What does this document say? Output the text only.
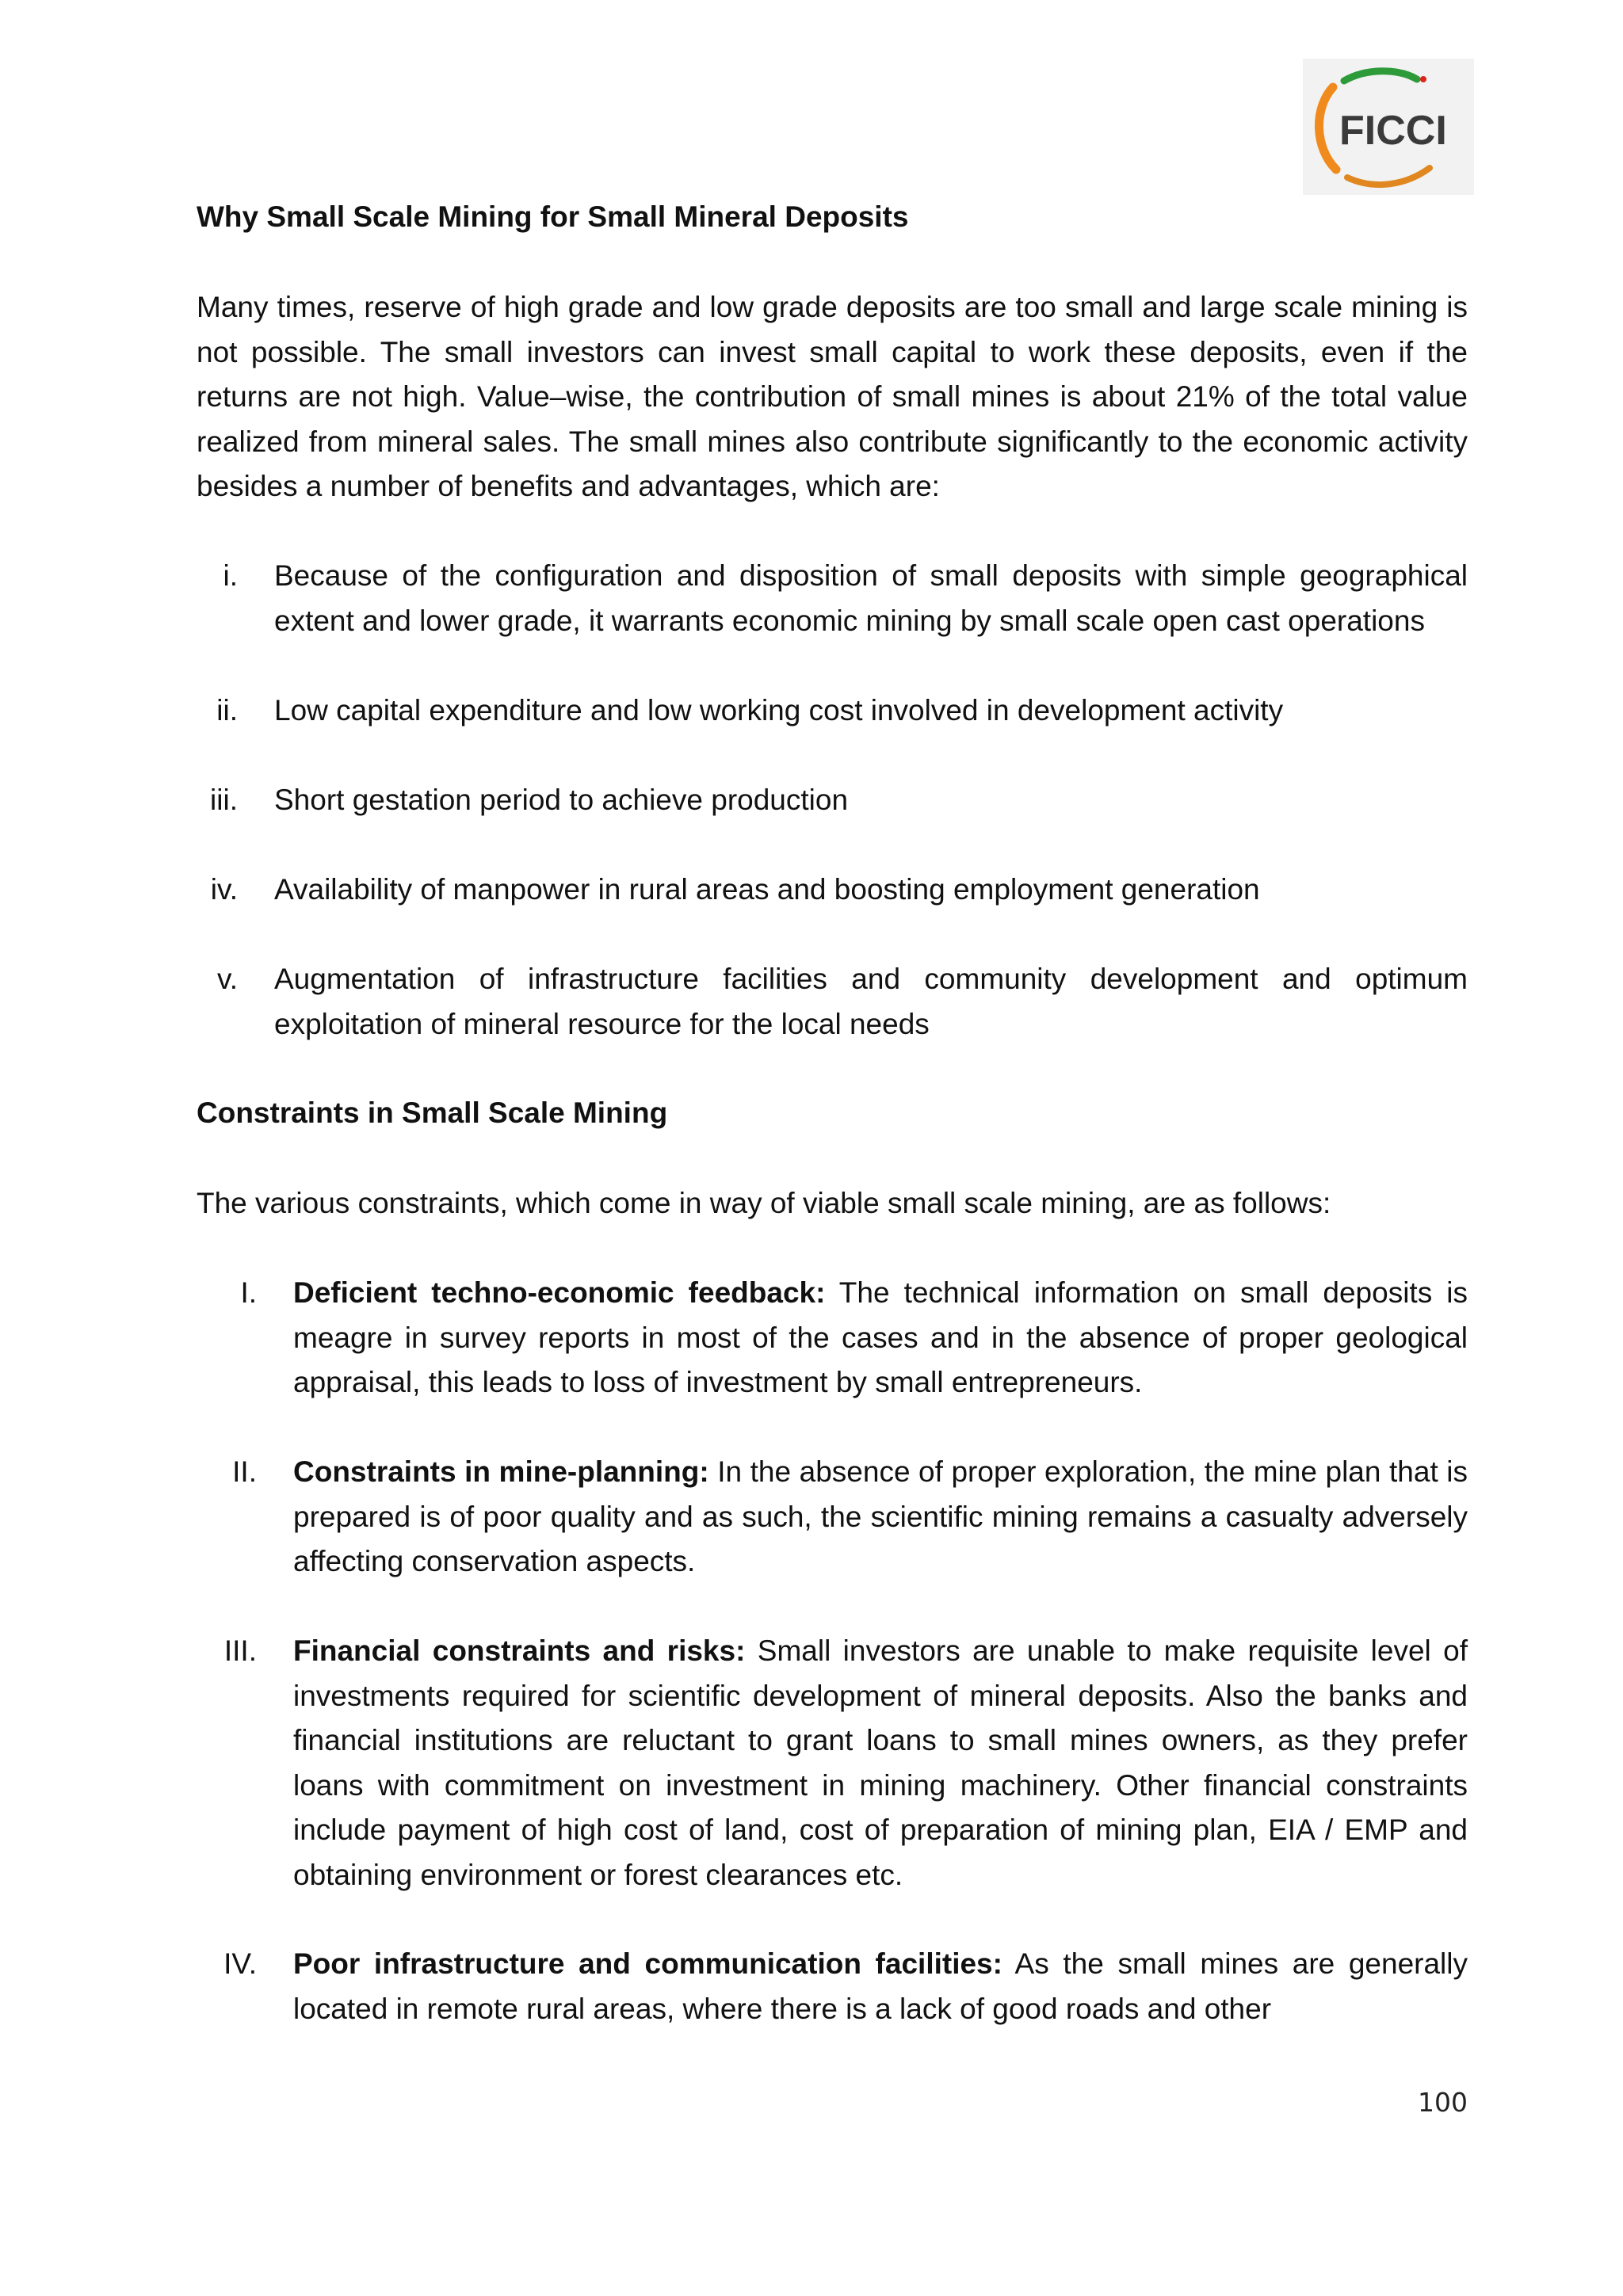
FICCI

Why Small Scale Mining for Small Mineral Deposits

Many times, reserve of high grade and low grade deposits are too small and large scale mining is not possible. The small investors can invest small capital to work these deposits, even if the returns are not high. Value–wise, the contribution of small mines is about 21% of the total value realized from mineral sales. The small mines also contribute significantly to the economic activity besides a number of benefits and advantages, which are:

i. Because of the configuration and disposition of small deposits with simple geographical extent and lower grade, it warrants economic mining by small scale open cast operations
ii. Low capital expenditure and low working cost involved in development activity
iii. Short gestation period to achieve production
iv. Availability of manpower in rural areas and boosting employment generation
v. Augmentation of infrastructure facilities and community development and optimum exploitation of mineral resource for the local needs

Constraints in Small Scale Mining

The various constraints, which come in way of viable small scale mining, are as follows:

I. Deficient techno-economic feedback: The technical information on small deposits is meagre in survey reports in most of the cases and in the absence of proper geological appraisal, this leads to loss of investment by small entrepreneurs.
II. Constraints in mine-planning: In the absence of proper exploration, the mine plan that is prepared is of poor quality and as such, the scientific mining remains a casualty adversely affecting conservation aspects.
III. Financial constraints and risks: Small investors are unable to make requisite level of investments required for scientific development of mineral deposits. Also the banks and financial institutions are reluctant to grant loans to small mines owners, as they prefer loans with commitment on investment in mining machinery. Other financial constraints include payment of high cost of land, cost of preparation of mining plan, EIA / EMP and obtaining environment or forest clearances etc.
IV. Poor infrastructure and communication facilities: As the small mines are generally located in remote rural areas, where there is a lack of good roads and other
100
